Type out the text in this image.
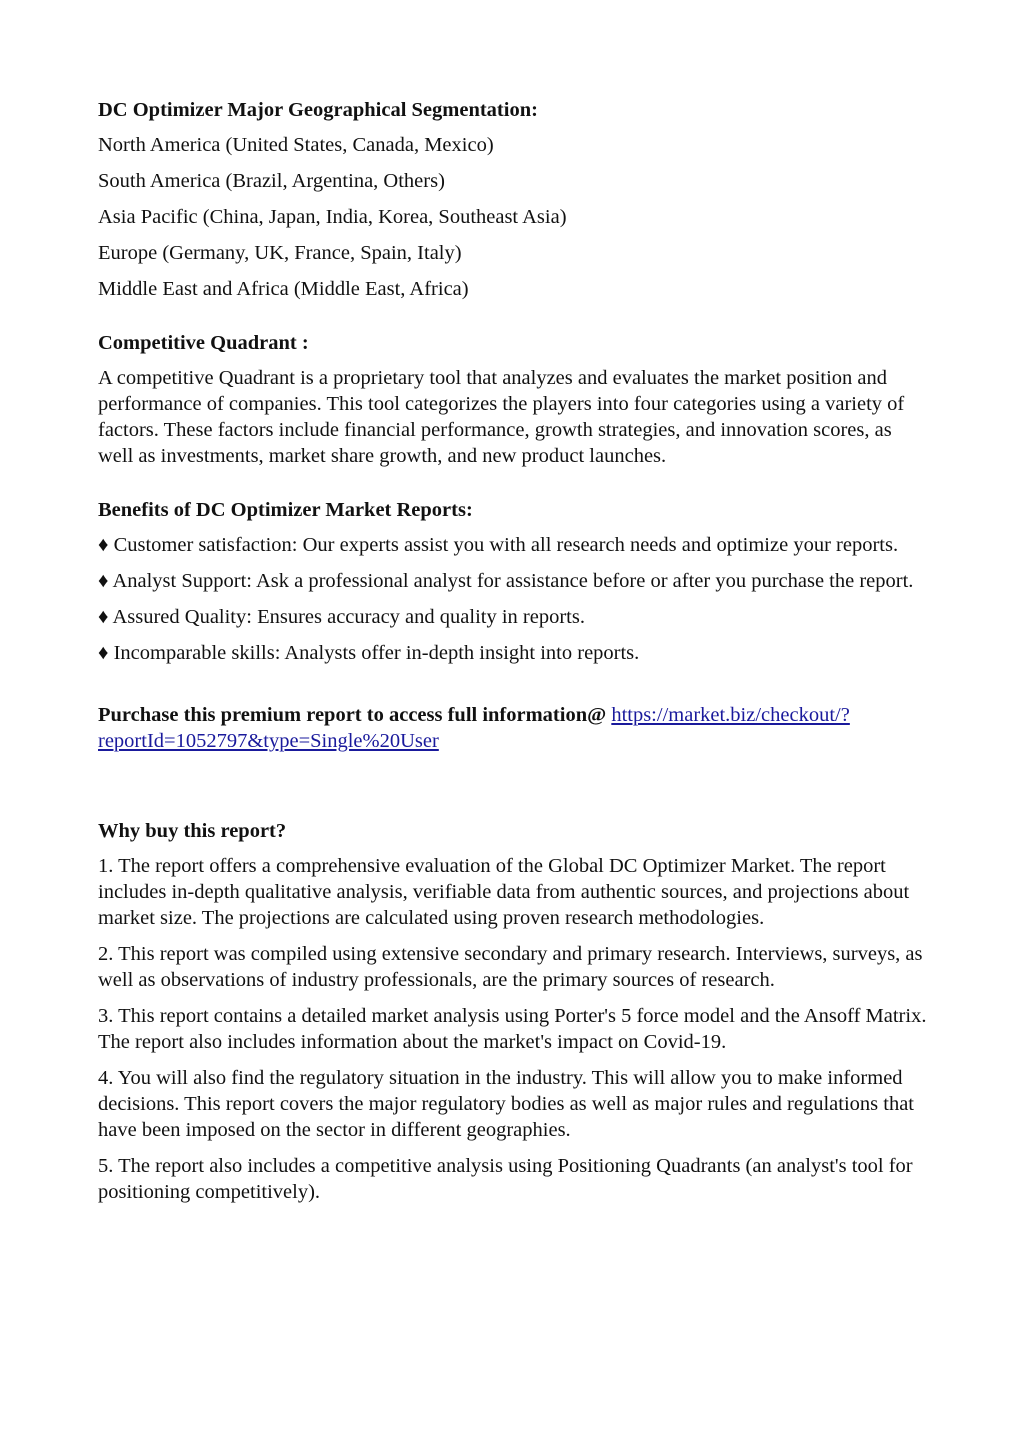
DC Optimizer Major Geographical Segmentation:
North America (United States, Canada, Mexico)
South America (Brazil, Argentina, Others)
Asia Pacific (China, Japan, India, Korea, Southeast Asia)
Europe (Germany, UK, France, Spain, Italy)
Middle East and Africa (Middle East, Africa)
Competitive Quadrant :
A competitive Quadrant is a proprietary tool that analyzes and evaluates the market position and performance of companies. This tool categorizes the players into four categories using a variety of factors. These factors include financial performance, growth strategies, and innovation scores, as well as investments, market share growth, and new product launches.
Benefits of DC Optimizer Market Reports:
♦ Customer satisfaction: Our experts assist you with all research needs and optimize your reports.
♦ Analyst Support: Ask a professional analyst for assistance before or after you purchase the report.
♦ Assured Quality: Ensures accuracy and quality in reports.
♦ Incomparable skills: Analysts offer in-depth insight into reports.
Purchase this premium report to access full information@ https://market.biz/checkout/?reportId=1052797&type=Single%20User
Why buy this report?
1. The report offers a comprehensive evaluation of the Global DC Optimizer Market. The report includes in-depth qualitative analysis, verifiable data from authentic sources, and projections about market size. The projections are calculated using proven research methodologies.
2. This report was compiled using extensive secondary and primary research. Interviews, surveys, as well as observations of industry professionals, are the primary sources of research.
3. This report contains a detailed market analysis using Porter's 5 force model and the Ansoff Matrix. The report also includes information about the market's impact on Covid-19.
4. You will also find the regulatory situation in the industry. This will allow you to make informed decisions. This report covers the major regulatory bodies as well as major rules and regulations that have been imposed on the sector in different geographies.
5. The report also includes a competitive analysis using Positioning Quadrants (an analyst's tool for positioning competitively).
